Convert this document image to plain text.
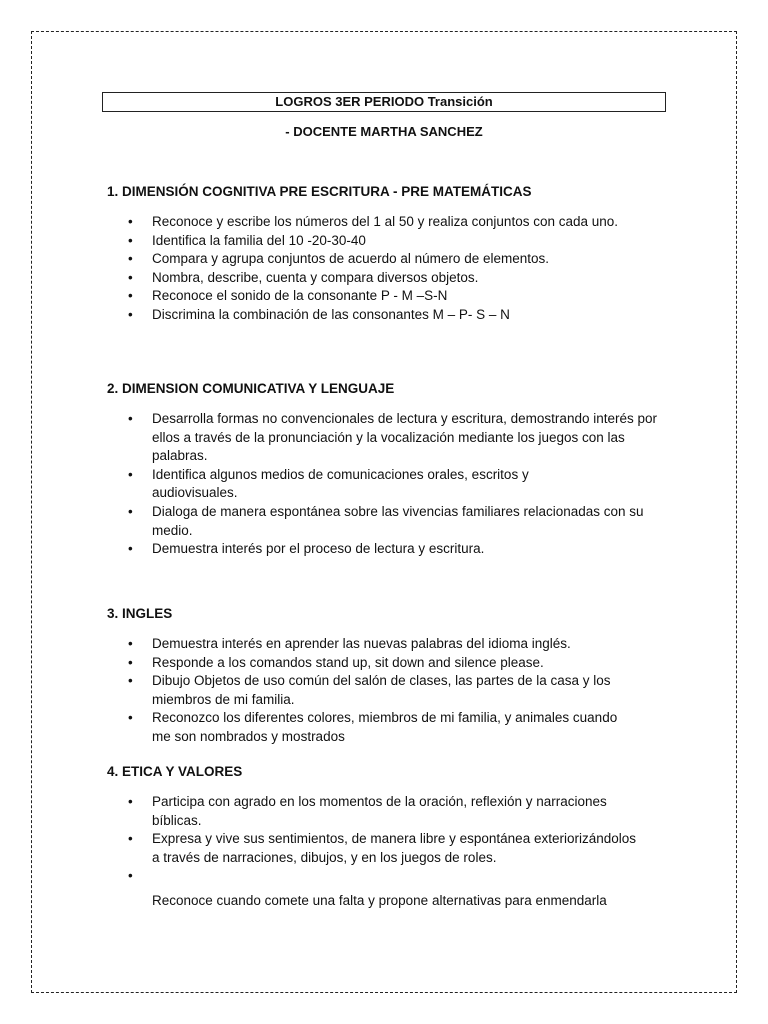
LOGROS 3ER PERIODO Transición
- DOCENTE MARTHA SANCHEZ
1. DIMENSIÓN COGNITIVA PRE ESCRITURA - PRE MATEMÁTICAS
• Reconoce y escribe los números del 1 al 50 y realiza conjuntos con cada uno.
• Identifica la familia del 10 -20-30-40
• Compara y agrupa conjuntos de acuerdo al número de elementos.
• Nombra, describe, cuenta y compara diversos objetos.
• Reconoce el sonido de la consonante P - M –S-N
• Discrimina la combinación de las consonantes M – P- S – N
2. DIMENSION COMUNICATIVA Y LENGUAJE
• Desarrolla formas no convencionales de lectura y escritura, demostrando interés por ellos a través de la pronunciación y la vocalización mediante los juegos con las palabras.
• Identifica algunos medios de comunicaciones orales, escritos y audiovisuales.
• Dialoga de manera espontánea sobre las vivencias familiares relacionadas con su medio.
• Demuestra interés por el proceso de lectura y escritura.
3. INGLES
• Demuestra interés en aprender las nuevas palabras del idioma inglés.
• Responde a los comandos stand up, sit down and silence please.
• Dibujo Objetos de uso común del salón de clases, las partes de la casa y los miembros de mi familia.
• Reconozco los diferentes colores, miembros de mi familia, y animales cuando me son nombrados y mostrados
4. ETICA Y VALORES
• Participa con agrado en los momentos de la oración, reflexión y narraciones bíblicas.
• Expresa y vive sus sentimientos, de manera libre y espontánea exteriorizándolos a través de narraciones, dibujos, y en los juegos de roles.
•
Reconoce cuando comete una falta y propone alternativas para enmendarla
